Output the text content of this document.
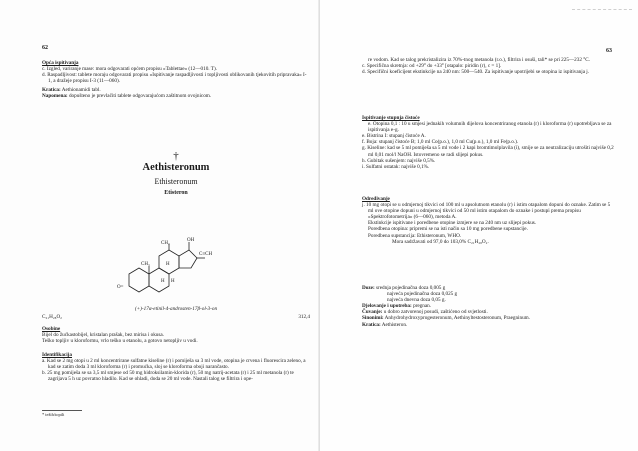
62

Opća ispitivanja

c. Izgled, variranje mase: mora odgovarati općem propisu »Tablettae« (12—010. T).

d. Raspadljivost: tablete moraju odgovarati propisu »Ispitivanje raspadljivosti i topljivosti oblikovanih tjekovitih pripravaka« I-1, a dražeje propisu I-3 (11—060).

Kratica: Aethionamidi tabl.

Napomena: dopušteno je prevlačiti tablete odgovarajućom zaštitnom ovojnicom.

†
Aethisteronum
Ethisteronum
Etisteron
CH₃
OH
CH₃	H
H H
O=
C≡CH
(+)-17α-etinil-4-androsten-17β-ol-3-on
C₂₁H₂₈O₂	312,4

Osobine

Bijel do žućkastobijel, kristalan prašak, bez mirisa i okusa.

Teško topljiv u kloroformu, vrlo teško u etanolu, a gotovo netopljiv u vodi.

Identifikacija

a. Kad se 2 mg otopi u 2 ml koncentrirane sulfatne kiseline (r) i pomiješa sa 3 ml vode, otopina je crvena i fluorescira zeleno, a kad se zatim doda 3 ml kloroforma (r) i promućka, sloj se kloroforma oboji narančasto.

b. 25 mg pomiješa se sa 3,5 ml smjese od 50 mg hidroksilamin-klorida (r), 50 mg natrij-acetata (r) i 25 ml metanola (r) te zagrijava 5 h uz povratno hladilo. Kad se ohladi, doda se 20 ml vode. Nastali talog se filtrira i ope-

* težih/topili
63

re vodom. Kad se talog prekristalizira iz 70%-tnog metanola (r.o.), filtrira i osuši, tali* se pri 225—232 °C.

c. Specifična skretnja: od +29° do +33° [otapalo: piridin (r), c = 1].

d. Specifični koeficijent ekstinkcije na 240 nm: 500—540. Za ispitivanje upotrijebi se otopina iz ispitivanja j.

Ispitivanje stupnja čistoće

e. Otopina 0,1 : 10 u smjesi jednakih volumnih dijelova koncentriranog etanola (r) i kloroforma (r) upotrebljava se za ispitivanja e-g.

e. Bistrina I: stupanj čistoće A.

f. Boja: stupanj čistoće B; 1,0 ml Co(p.o.), 1,0 ml Cu(p.o.), 1,0 ml Fe(p.o.).

g. Kiseline: kad se 5 ml pomiješa sa 5 ml vode i 2 kapi bromtimolplavila (i), smije se za neutralizaciju utrošiti najviše 0,2 ml 0,01 mol/l NaOH. Istovremeno se radi slijepi pokus.

h. Gubitak sušenjem: najviše 0,5%.

i. Sulfatni ostatak: najviše 0,1%.

Određivanje

j. 10 mg otopi se u odmjernoj tikvici od 100 ml u apsolutnom etanolu (r) i istim otapalom dopuni do oznake. Zatim se 5 ml ove otopine dopuni u odmjernoj tikvici od 50 ml istim otapalom do oznake i postupi prema propisu »Spektrofotometrija« (6—060), metoda A.

Ekstinkcije ispitivane i poredbene otopine izmjere se na 240 nm uz slijepi pokus.

Poredbena otopina: pripremi se na isti način sa 10 mg poredbene supstancije.

Poredbena supstancija: Ethisteronum, WHO.

Mora sadržavati od 97,0 do 103,0% C₂₁H₂₈O₂.

Doze: srednja pojedinačna doza 0,005 g

najveća pojedinačna doza 0,025 g

najveća dnevna doza 0,05 g.

Djelovanje i upotreba: pregnan.

Čuvanje: u dobro zatvorenoj posudi, zaštićeno od svjetlosti.

Sinonimi: Anhydrohydroxyprogesteronum, Aethinyltestosteronum, Praegninum.

Kratica: Aethisteron.
